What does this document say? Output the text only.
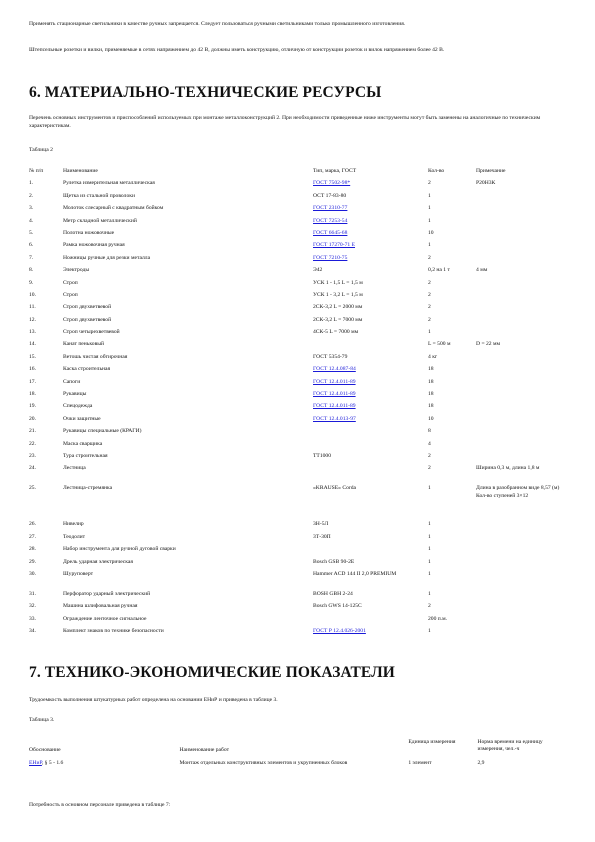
Применять стационарные светильники в качестве ручных запрещается. Следует пользоваться ручными светильниками только промышленного изготовления.

Штепсельные розетки и вилки, применяемые в сетях напряжением до 42 В, должны иметь конструкцию, отличную от конструкции розеток и вилок напряжением более 42 В.

6. МАТЕРИАЛЬНО-ТЕХНИЧЕСКИЕ РЕСУРСЫ

Перечень основных инструментов и приспособлений используемых при монтаже металлоконструкций 2. При необходимости приведенные ниже инструменты могут быть заменены на аналогичные по техническим характеристикам.

Таблица 2

№ п/п	Наименование	Тип, марка, ГОСТ	Кол-во	Примечание
1.	Рулетка измерительная металлическая	ГОСТ 7502-98*	2	Р20Н3К
2.	Щетка из стальной проволоки	ОСТ 17-83-80	1	
3.	Молоток слесарный с квадратным бойком	ГОСТ 2310-77	1	
4.	Метр складной металлический	ГОСТ 7253-54	1	
5.	Полотна ножовочные	ГОСТ 6645-68	10	
6.	Рамка ножовочная ручная	ГОСТ 17270-71 Е	1	
7.	Ножницы ручные для резки металла	ГОСТ 7210-75	2	
8.	Электроды	Э42	0,2 на 1 т	4 мм
9.	Строп	УСК 1 - 1,5 L = 1,5 м	2	
10.	Строп	УСК 1 - 3,2 L = 1,5 м	2	
11.	Строп двухветвевой	2СК-3,2 L = 2000 мм	2	
12.	Строп двухветвевой	2СК-3,2 L = 7000 мм	2	
13.	Строп четырехветвевой	4СК-5 L = 7000 мм	1	
14.	Канат пеньковый		L = 500 м	D = 22 мм
15.	Ветошь чистая обтирочная	ГОСТ 5354-79	4 кг	
16.	Каска строительная	ГОСТ 12.4.087-84	18	
17.	Сапоги	ГОСТ 12.4.011-89	18	
18.	Рукавицы	ГОСТ 12.4.011-89	18	
19.	Спецодежда	ГОСТ 12.4.011-89	18	
20.	Очки защитные	ГОСТ 12.4.013-97	10	
21.	Рукавицы специальные (КРАГИ)		8	
22.	Маска сварщика		4	
23.	Тура строительная	ТТ1000	2	
24.	Лестница		2	Ширина 0,3 м, длина 1,8 м
25.	Лестница-стремянка	«KRAUSE» Corda	1	Длина в разобранном виде 8,57 (м) Кол-во ступеней 3×12
26.	Нивелир	3Н-5Л	1	
27.	Теодолит	3Т-30П	1	
28.	Набор инструмента для ручной дуговой сварки		1	
29.	Дрель ударная электрическая	Bosch GSB 90-2E	1	
30.	Шуруповерт	Hammer ACD 144 II 2,0 PREMIUM	1	
31.	Перфоратор ударный электрический	BOSH GBH 2-24	1	
32.	Машина шлифовальная ручная	Bosch GWS 14-125C	2	
33.	Ограждение ленточное сигнальное		200 п.м.	
34.	Комплект знаков по технике безопасности	ГОСТ Р 12.4.026-2001	1	
7. ТЕХНИКО-ЭКОНОМИЧЕСКИЕ ПОКАЗАТЕЛИ

Трудоемкость выполнения штукатурных работ определена на основании ЕНиР и приведена в таблице 3.

Таблица 3.

Обоснование	Наименование работ	Единица измерения	Норма времени на единицу измерения, чел.-ч

ЕНиР, § 5 - 1.6	Монтаж отдельных конструктивных элементов и укрупненных блоков	1 элемент	2,9

Потребность в основном персонале приведена в таблице 7:
